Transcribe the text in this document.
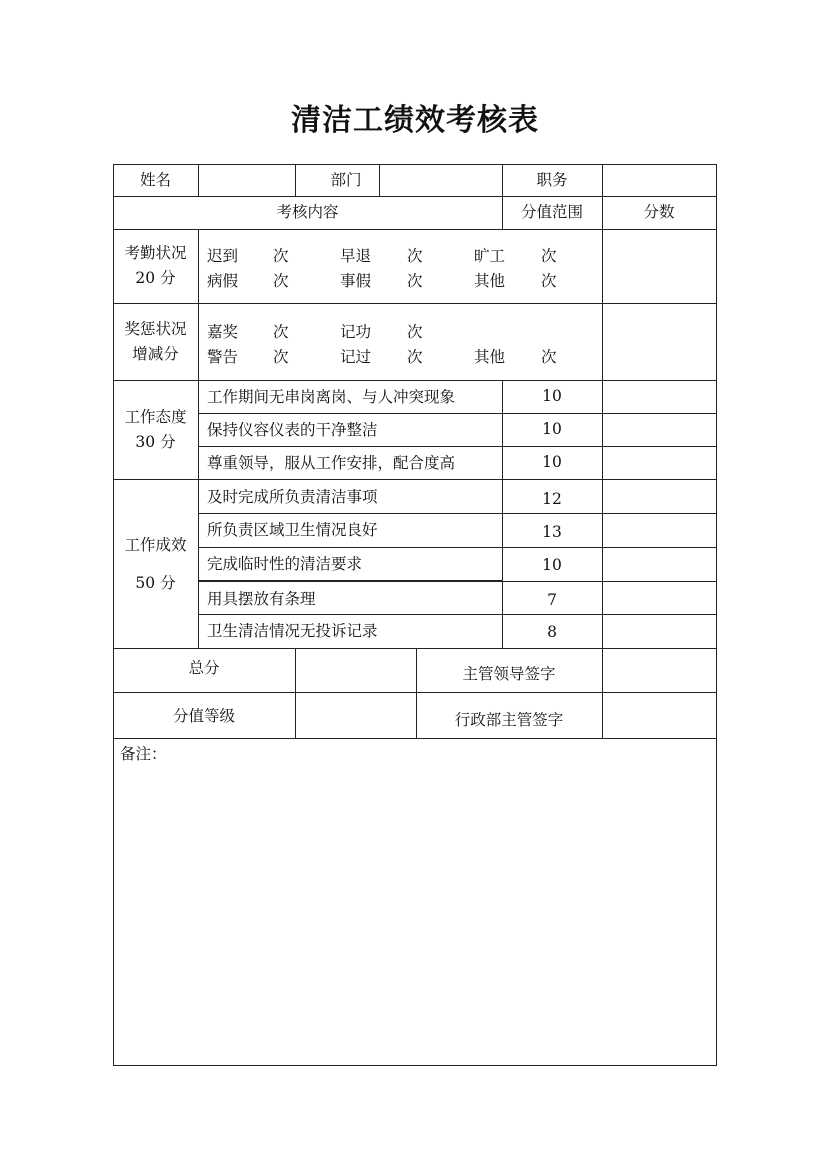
清洁工绩效考核表
姓名	部门	职务
考核内容	分值范围	分数
考勤状况
20 分
迟到 次	早退 次	旷工 次
病假 次	事假 次	其他 次
奖惩状况
增减分
嘉奖 次	记功 次
警告 次	记过 次	其他 次
工作态度
30 分
工作期间无串岗离岗、与人冲突现象	10
保持仪容仪表的干净整洁	10
尊重领导，服从工作安排，配合度高	10
工作成效
50 分
及时完成所负责清洁事项	12
所负责区域卫生情况良好	13
完成临时性的清洁要求	10
用具摆放有条理	7
卫生清洁情况无投诉记录	8
总分	主管领导签字
分值等级	行政部主管签字
备注：
